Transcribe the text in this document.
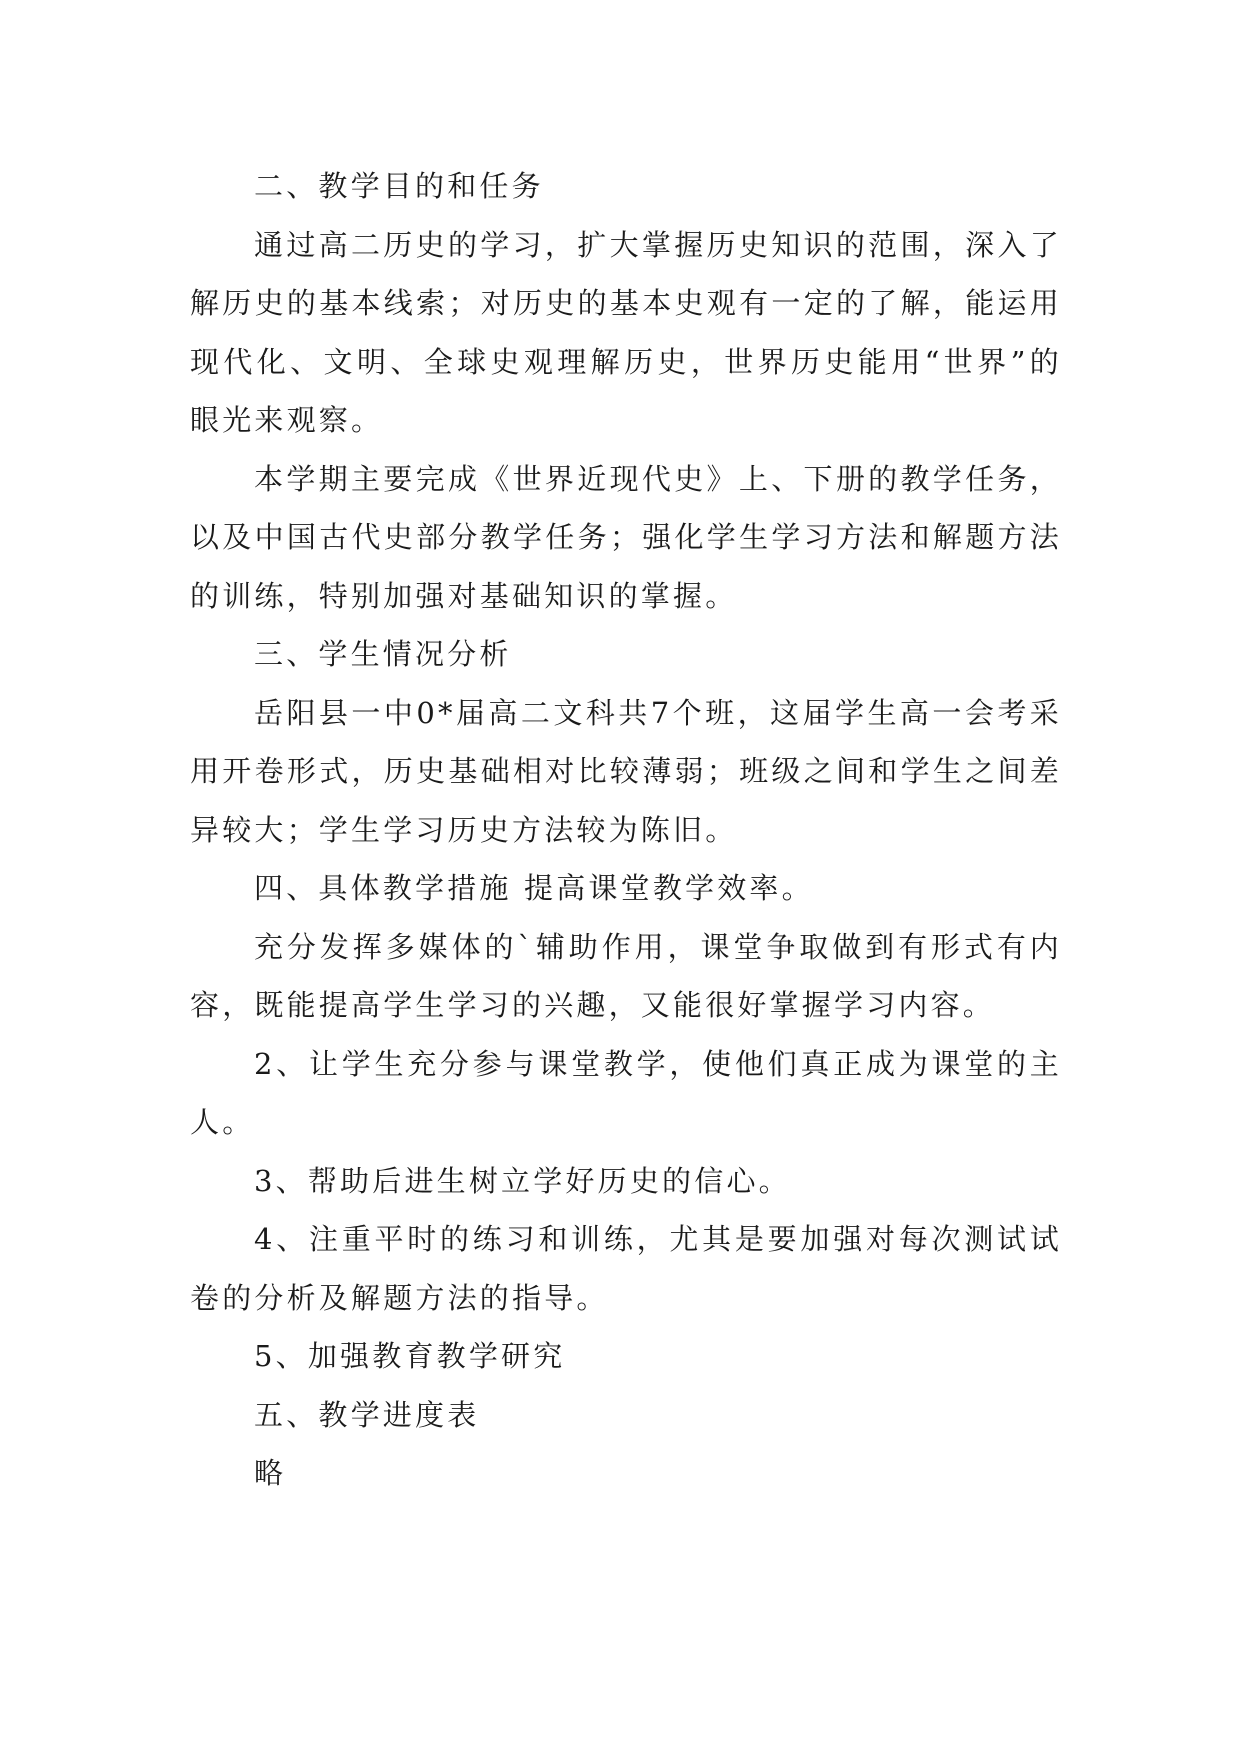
二、教学目的和任务

通过高二历史的学习，扩大掌握历史知识的范围，深入了解历史的基本线索；对历史的基本史观有一定的了解，能运用现代化、文明、全球史观理解历史，世界历史能用“世界”的眼光来观察。

本学期主要完成《世界近现代史》上、下册的教学任务，以及中国古代史部分教学任务；强化学生学习方法和解题方法的训练，特别加强对基础知识的掌握。

三、学生情况分析

岳阳县一中0*届高二文科共7个班，这届学生高一会考采用开卷形式，历史基础相对比较薄弱；班级之间和学生之间差异较大；学生学习历史方法较为陈旧。

四、具体教学措施 提高课堂教学效率。

充分发挥多媒体的`辅助作用，课堂争取做到有形式有内容，既能提高学生学习的兴趣，又能很好掌握学习内容。

2、让学生充分参与课堂教学，使他们真正成为课堂的主人。

3、帮助后进生树立学好历史的信心。

4、注重平时的练习和训练，尤其是要加强对每次测试试卷的分析及解题方法的指导。

5、加强教育教学研究

五、教学进度表

略
